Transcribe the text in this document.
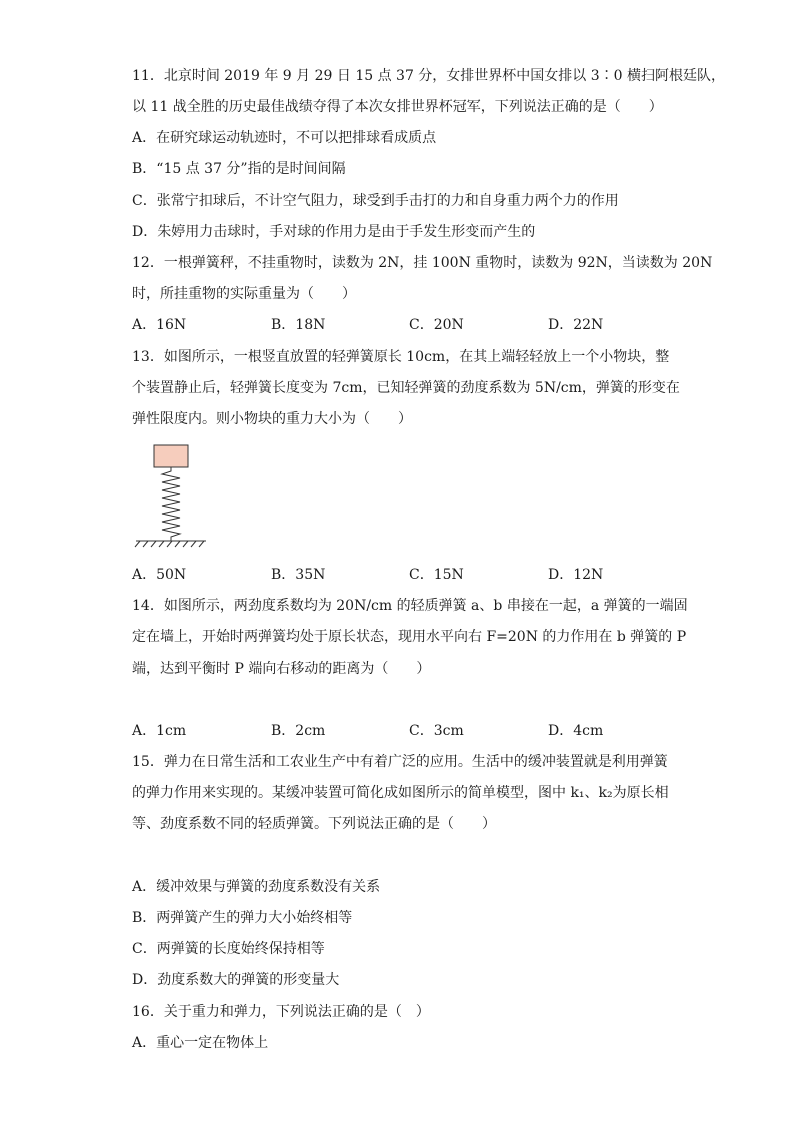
11．北京时间 2019 年 9 月 29 日 15 点 37 分，女排世界杯中国女排以 3∶0 横扫阿根廷队，
以 11 战全胜的历史最佳战绩夺得了本次女排世界杯冠军，下列说法正确的是（　　）
A．在研究球运动轨迹时，不可以把排球看成质点
B．“15 点 37 分”指的是时间间隔
C．张常宁扣球后，不计空气阻力，球受到手击打的力和自身重力两个力的作用
D．朱婷用力击球时，手对球的作用力是由于手发生形变而产生的
12．一根弹簧秤，不挂重物时，读数为 2N，挂 100N 重物时，读数为 92N，当读数为 20N
时，所挂重物的实际重量为（　　）
A．16N	B．18N	C．20N	D．22N
13．如图所示，一根竖直放置的轻弹簧原长 10cm，在其上端轻轻放上一个小物块，整
个装置静止后，轻弹簧长度变为 7cm，已知轻弹簧的劲度系数为 5N/cm，弹簧的形变在
弹性限度内。则小物块的重力大小为（　　）
A．50N	B．35N	C．15N	D．12N
14．如图所示，两劲度系数均为 20N/cm 的轻质弹簧 a、b 串接在一起，a 弹簧的一端固
定在墙上，开始时两弹簧均处于原长状态，现用水平向右 F=20N 的力作用在 b 弹簧的 P
端，达到平衡时 P 端向右移动的距离为（　　）
A．1cm	B．2cm	C．3cm	D．4cm
15．弹力在日常生活和工农业生产中有着广泛的应用。生活中的缓冲装置就是利用弹簧
的弹力作用来实现的。某缓冲装置可简化成如图所示的简单模型，图中 k₁、k₂为原长相
等、劲度系数不同的轻质弹簧。下列说法正确的是（　　）
A．缓冲效果与弹簧的劲度系数没有关系
B．两弹簧产生的弹力大小始终相等
C．两弹簧的长度始终保持相等
D．劲度系数大的弹簧的形变量大
16．关于重力和弹力，下列说法正确的是（　）
A．重心一定在物体上
